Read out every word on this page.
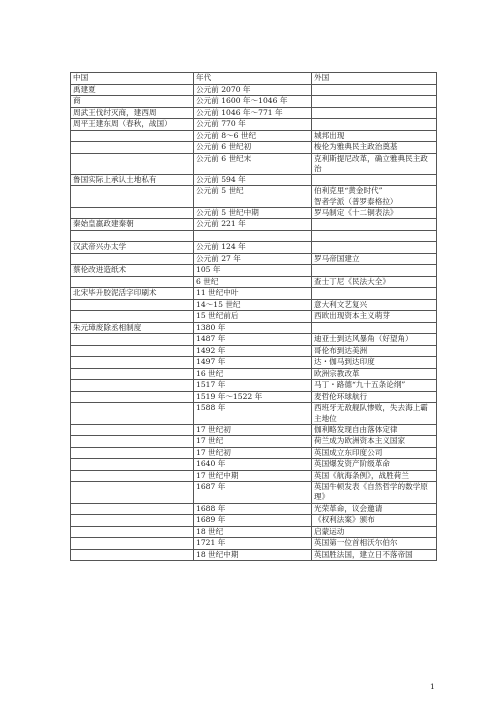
中国	年代	外国
禹建夏	公元前 2070 年	
商	公元前 1600 年～1046 年	
周武王伐纣灭商，建西周	公元前 1046 年～771 年	
周平王建东周（春秋，战国）	公元前 770 年	
	公元前 8～6 世纪	城邦出现
	公元前 6 世纪初	梭伦为雅典民主政治奠基
	公元前 6 世纪末	克利斯提尼改革，确立雅典民主政治
鲁国实际上承认土地私有	公元前 594 年	
	公元前 5 世纪	伯利克里“黄金时代”
智者学派（普罗泰格拉）
	公元前 5 世纪中期	罗马制定《十二铜表法》
秦始皇嬴政建秦朝	公元前 221 年	

汉武帝兴办太学	公元前 124 年	
	公元前 27 年	罗马帝国建立
蔡伦改进造纸术	105 年	
	6 世纪	查士丁尼《民法大全》
北宋毕升胶泥活字印刷术	11 世纪中叶	
	14～15 世纪	意大利文艺复兴
	15 世纪前后	西欧出现资本主义萌芽
朱元璋废除丞相制度	1380 年	
	1487 年	迪亚士到达风暴角（好望角）
	1492 年	哥伦布到达美洲
	1497 年	达・伽马到达印度
	16 世纪	欧洲宗教改革
	1517 年	马丁・路德“九十五条论纲”
	1519 年～1522 年	麦哲伦环球航行
	1588 年	西班牙无敌舰队惨败，失去海上霸主地位
	17 世纪初	伽利略发现自由落体定律
	17 世纪	荷兰成为欧洲资本主义国家
	17 世纪初	英国成立东印度公司
	1640 年	英国爆发资产阶级革命
	17 世纪中期	英国《航海条例》，战胜荷兰
	1687 年	英国牛顿发表《自然哲学的数学原理》
	1688 年	光荣革命，议会邀请
	1689 年	《权利法案》颁布
	18 世纪	启蒙运动
	1721 年	英国第一位首相沃尔伯尔
	18 世纪中期	英国胜法国，建立日不落帝国
1
